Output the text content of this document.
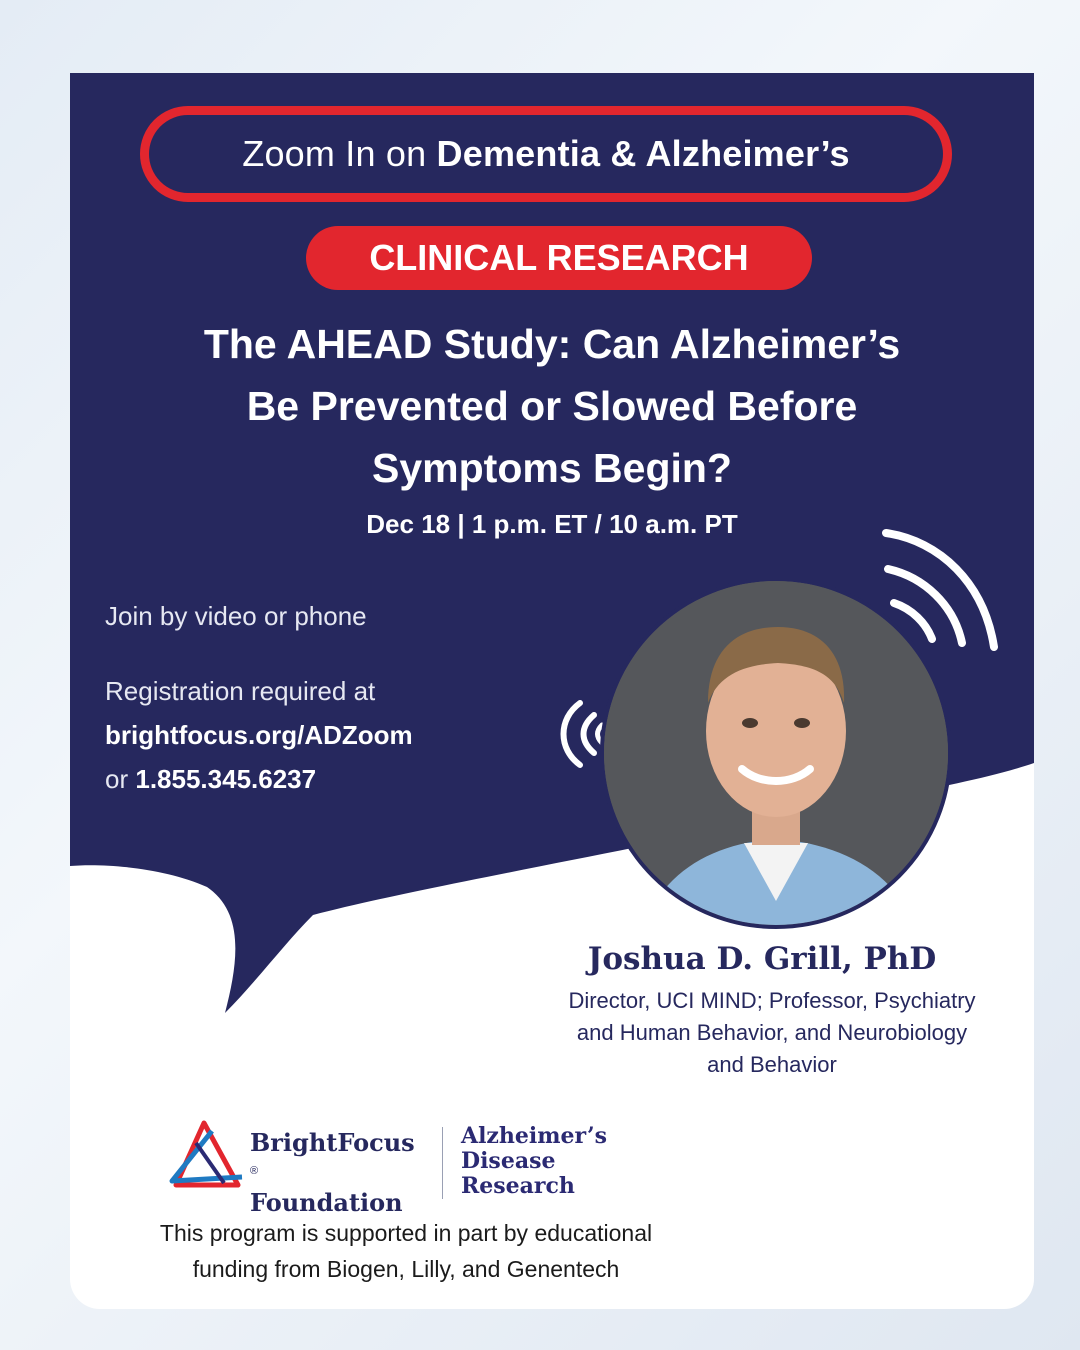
Zoom In on
Dementia & Alzheimer’s
CLINICAL RESEARCH
The AHEAD Study: Can Alzheimer’s
Be Prevented or Slowed Before
Symptoms Begin?
Dec 18 | 1 p.m. ET / 10 a.m. PT
Join by video or phone
Registration required at
brightfocus.org/ADZoom
or 1.855.345.6237
Joshua D. Grill, PhD
Director, UCI MIND; Professor, Psychiatry
and Human Behavior, and Neurobiology
and Behavior
BrightFocus
®
Foundation
Alzheimer’s
Disease
Research
This program is supported in part by educational
funding from Biogen, Lilly, and Genentech
